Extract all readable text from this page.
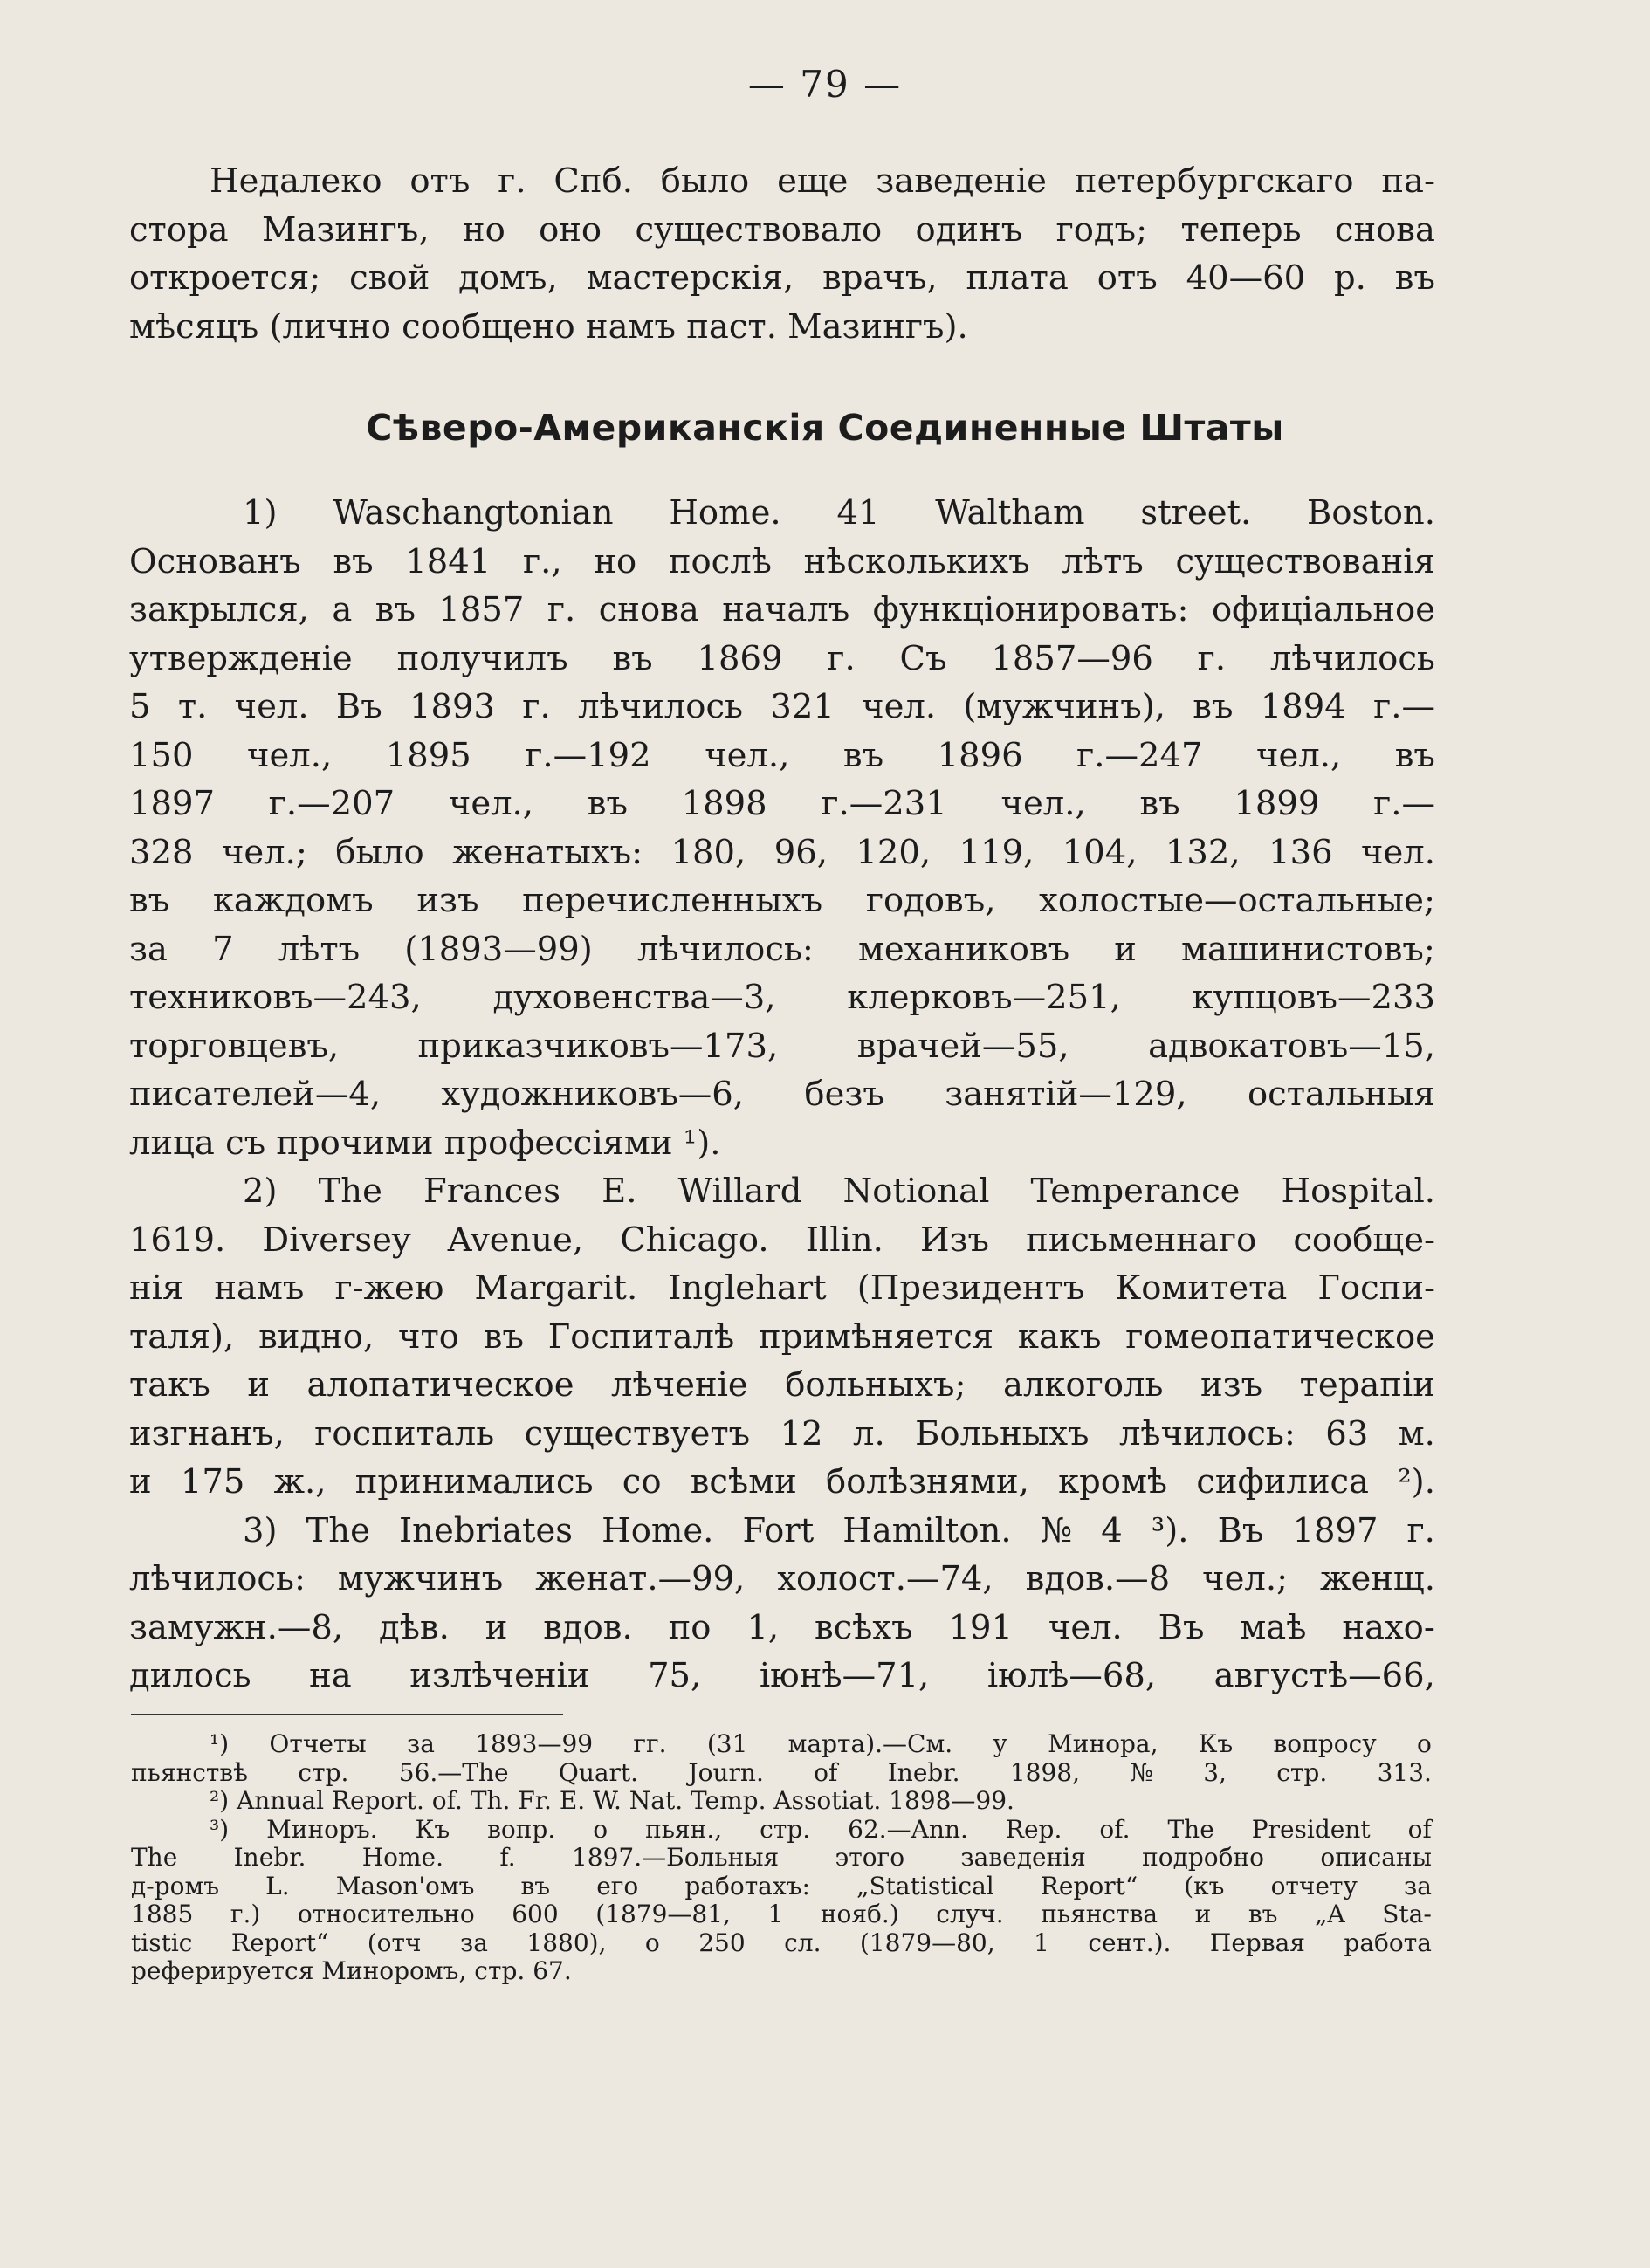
— 79 —
Недалеко отъ г. Спб. было еще заведеніе петербургскаго па-
стора Мазингъ, но оно существовало одинъ годъ; теперь снова
откроется; свой домъ, мастерскія, врачъ, плата отъ 40—60 р. въ
мѣсяцъ (лично сообщено намъ паст. Мазингъ).
Сѣверо-Американскія Соединенные Штаты
1) Waschangtonian Home. 41 Waltham street. Boston.
Основанъ въ 1841 г., но послѣ нѣсколькихъ лѣтъ существованія
закрылся, а въ 1857 г. снова началъ функціонировать: офиціальное
утвержденіе получилъ въ 1869 г. Съ 1857—96 г. лѣчилось
5 т. чел. Въ 1893 г. лѣчилось 321 чел. (мужчинъ), въ 1894 г.—
150 чел., 1895 г.—192 чел., въ 1896 г.—247 чел., въ
1897 г.—207 чел., въ 1898 г.—231 чел., въ 1899 г.—
328 чел.; было женатыхъ: 180, 96, 120, 119, 104, 132, 136 чел.
въ каждомъ изъ перечисленныхъ годовъ, холостые—остальные;
за 7 лѣтъ (1893—99) лѣчилось: механиковъ и машинистовъ;
техниковъ—243, духовенства—3, клерковъ—251, купцовъ—233
торговцевъ, приказчиковъ—173, врачей—55, адвокатовъ—15,
писателей—4, художниковъ—6, безъ занятій—129, остальныя
лица съ прочими профессіями ¹).
2) The Frances E. Willard Notional Temperance Hospital.
1619. Diversey Avenue, Chicago. Illin. Изъ письменнаго сообще-
нія намъ г-жею Margarit. Inglehart (Президентъ Комитета Госпи-
таля), видно, что въ Госпиталѣ примѣняется какъ гомеопатическое
такъ и алопатическое лѣченіе больныхъ; алкоголь изъ терапіи
изгнанъ, госпиталь существуетъ 12 л. Больныхъ лѣчилось: 63 м.
и 175 ж., принимались со всѣми болѣзнями, кромѣ сифилиса ²).
3) The Inebriates Home. Fort Hamilton. № 4 ³). Въ 1897 г.
лѣчилось: мужчинъ женат.—99, холост.—74, вдов.—8 чел.; женщ.
замужн.—8, дѣв. и вдов. по 1, всѣхъ 191 чел. Въ маѣ нахо-
дилось на излѣченіи 75, іюнѣ—71, іюлѣ—68, августѣ—66,
¹) Отчеты за 1893—99 гг. (31 марта).—См. у Минора, Къ вопросу о
пьянствѣ стр. 56.—The Quart. Journ. of Inebr. 1898, № 3, стр. 313.
²) Annual Report. of. Th. Fr. E. W. Nat. Temp. Assotiat. 1898—99.
³) Миноръ. Къ вопр. о пьян., стр. 62.—Ann. Rep. of. The President of
The Inebr. Home. f. 1897.—Больныя этого заведенія подробно описаны
д-ромъ L. Mason'омъ въ его работахъ: „Statistical Report“ (къ отчету за
1885 г.) относительно 600 (1879—81, 1 нояб.) случ. пьянства и въ „A Sta-
tistic Report“ (отч за 1880), о 250 сл. (1879—80, 1 сент.). Первая работа
реферируется Миноромъ, стр. 67.
